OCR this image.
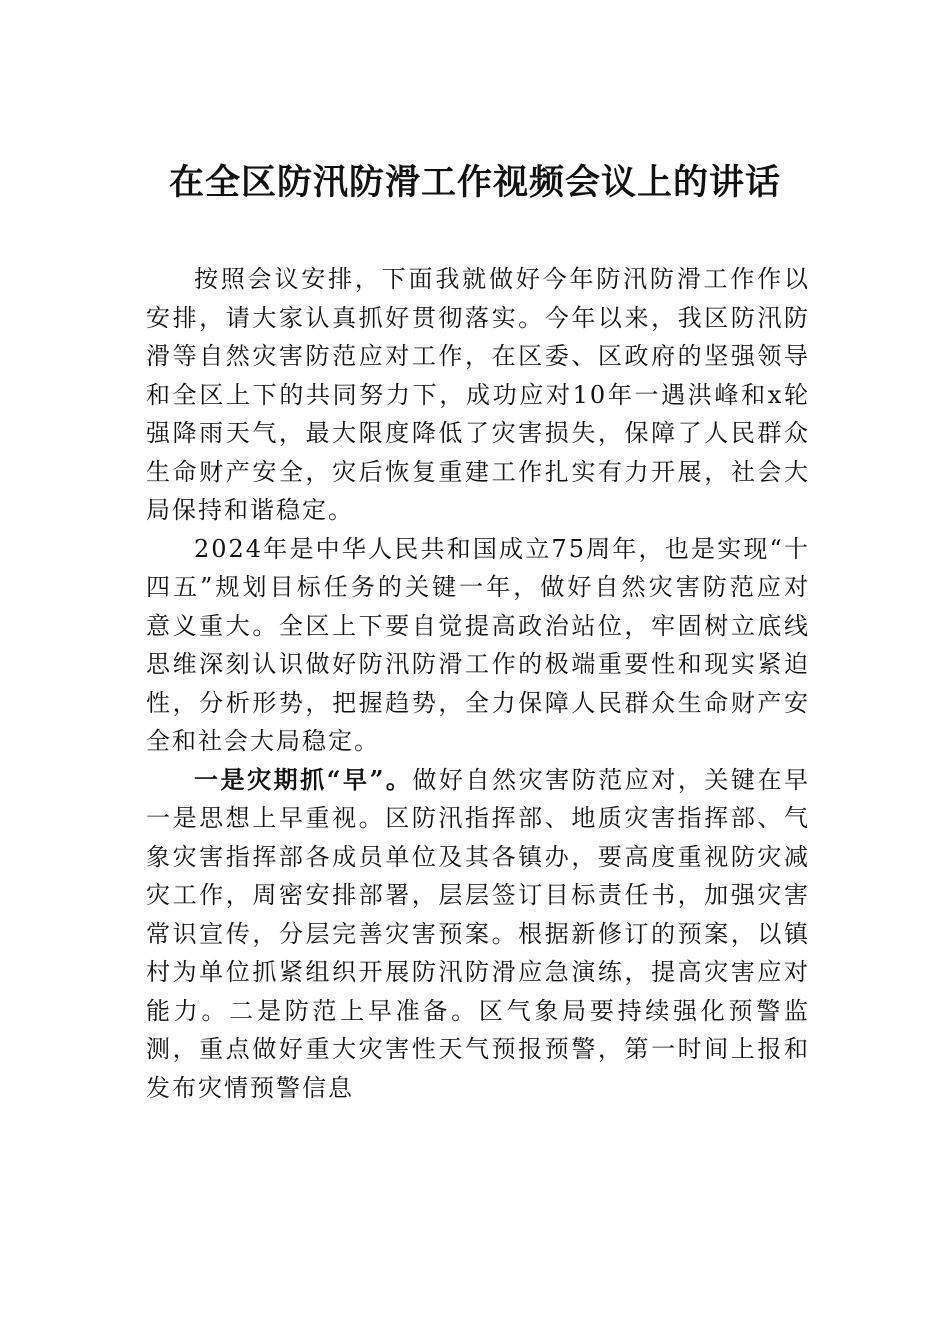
在全区防汛防滑工作视频会议上的讲话

按照会议安排，下面我就做好今年防汛防滑工作作以安排，请大家认真抓好贯彻落实。今年以来，我区防汛防滑等自然灾害防范应对工作，在区委、区政府的坚强领导和全区上下的共同努力下，成功应对10年一遇洪峰和x轮强降雨天气，最大限度降低了灾害损失，保障了人民群众生命财产安全，灾后恢复重建工作扎实有力开展，社会大局保持和谐稳定。

2024年是中华人民共和国成立75周年，也是实现“十四五”规划目标任务的关键一年，做好自然灾害防范应对意义重大。全区上下要自觉提高政治站位，牢固树立底线思维深刻认识做好防汛防滑工作的极端重要性和现实紧迫性，分析形势，把握趋势，全力保障人民群众生命财产安全和社会大局稳定。

一是灾期抓“早”。做好自然灾害防范应对，关键在早一是思想上早重视。区防汛指挥部、地质灾害指挥部、气象灾害指挥部各成员单位及其各镇办，要高度重视防灾减灾工作，周密安排部署，层层签订目标责任书，加强灾害常识宣传，分层完善灾害预案。根据新修订的预案，以镇村为单位抓紧组织开展防汛防滑应急演练，提高灾害应对能力。二是防范上早准备。区气象局要持续强化预警监测，重点做好重大灾害性天气预报预警，第一时间上报和发布灾情预警信息
